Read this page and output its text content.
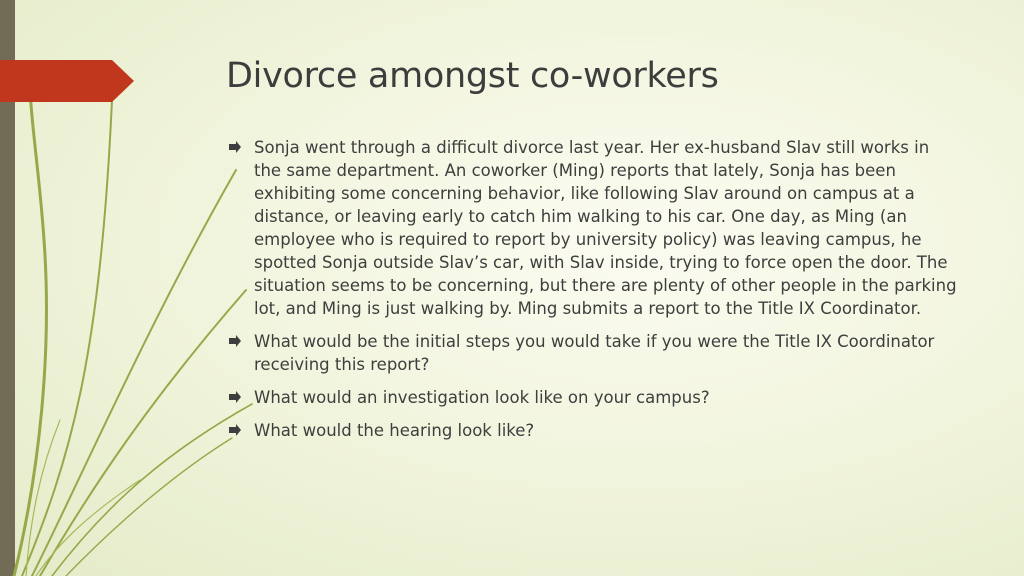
Divorce amongst co-workers
Sonja went through a difficult divorce last year. Her ex-husband Slav still works in the same department. An coworker (Ming) reports that lately, Sonja has been exhibiting some concerning behavior, like following Slav around on campus at a distance, or leaving early to catch him walking to his car. One day, as Ming (an employee who is required to report by university policy) was leaving campus, he spotted Sonja outside Slav’s car, with Slav inside, trying to force open the door. The situation seems to be concerning, but there are plenty of other people in the parking lot, and Ming is just walking by. Ming submits a report to the Title IX Coordinator.
What would be the initial steps you would take if you were the Title IX Coordinator receiving this report?
What would an investigation look like on your campus?
What would the hearing look like?
